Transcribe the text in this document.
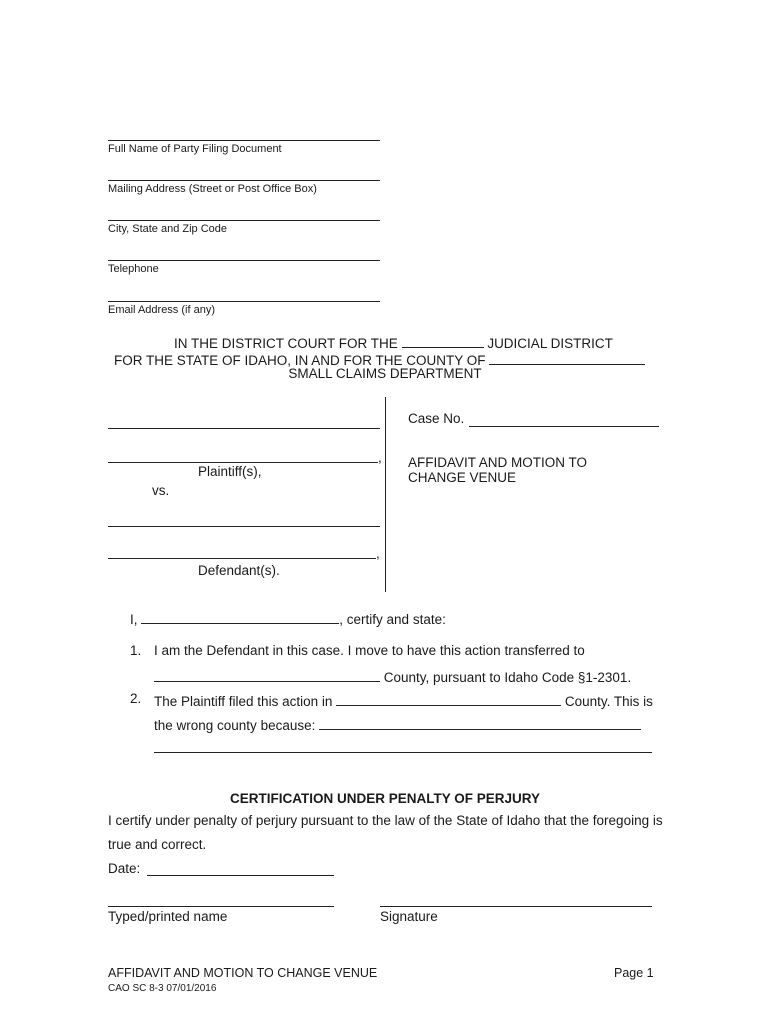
Full Name of Party Filing Document
Mailing Address (Street or Post Office Box)
City, State and Zip Code
Telephone
Email Address (if any)
IN THE DISTRICT COURT FOR THE	JUDICIAL DISTRICT
FOR THE STATE OF IDAHO, IN AND FOR THE COUNTY OF
SMALL CLAIMS DEPARTMENT
,
Plaintiff(s),
vs.
,
Defendant(s).
Case No.
AFFIDAVIT AND MOTION TO
CHANGE VENUE
I,	, certify and state:
1. I am the Defendant in this case. I move to have this action transferred to
County, pursuant to Idaho Code §1-2301.
2. The Plaintiff filed this action in	County. This is
the wrong county because:
CERTIFICATION UNDER PENALTY OF PERJURY
I certify under penalty of perjury pursuant to the law of the State of Idaho that the foregoing is
true and correct.
Date:
Typed/printed name	Signature
AFFIDAVIT AND MOTION TO CHANGE VENUE	Page 1
CAO SC 8-3 07/01/2016
